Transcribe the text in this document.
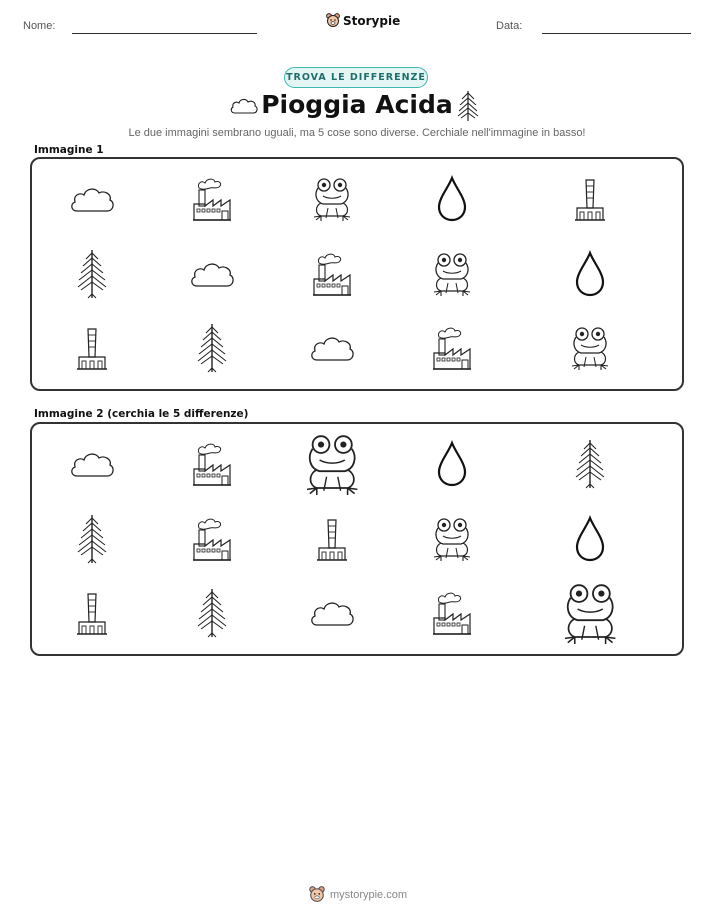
Nome:	Storypie	Data:
TROVA LE DIFFERENZE
Pioggia Acida
Le due immagini sembrano uguali, ma 5 cose sono diverse. Cerchiale nell'immagine in basso!
Immagine 1
Immagine 2 (cerchia le 5 differenze)
mystorypie.com
